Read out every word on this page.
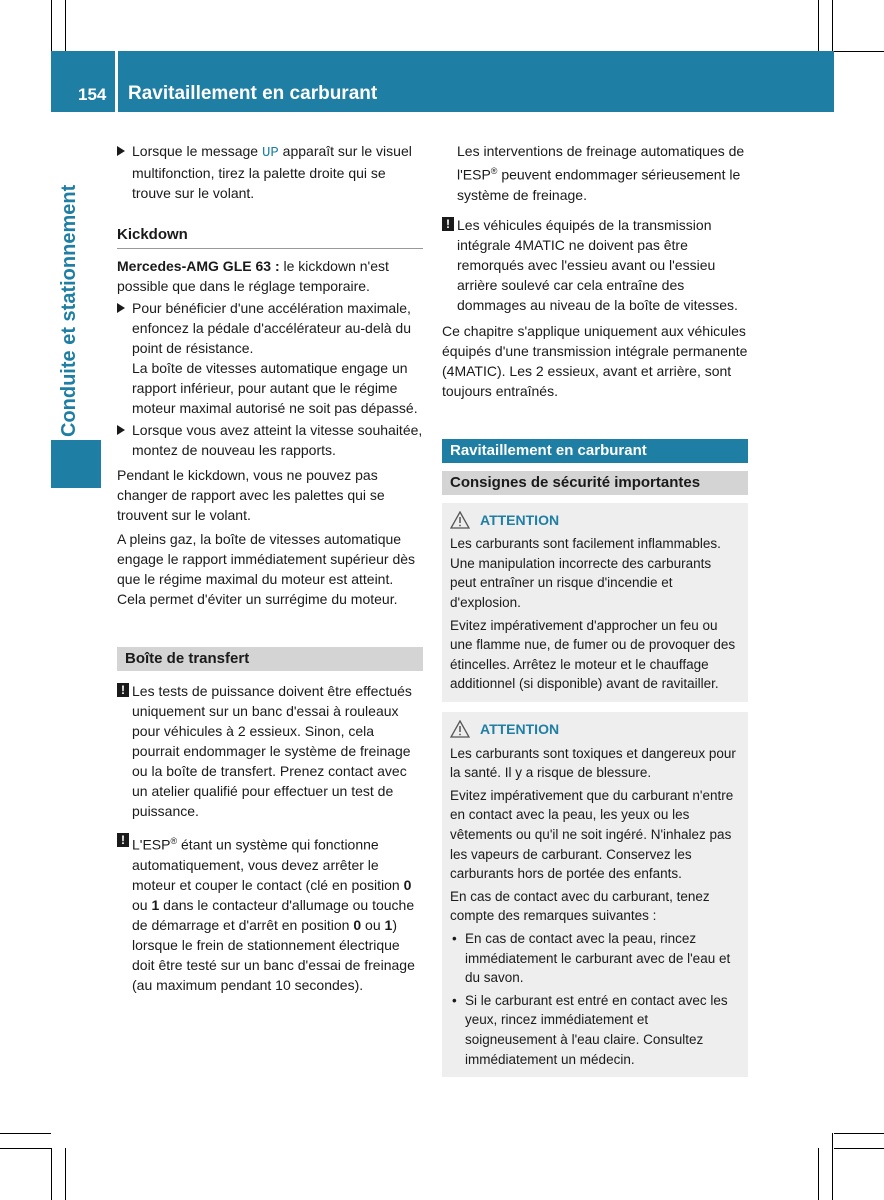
154 Ravitaillement en carburant
Conduite et stationnement

Lorsque le message UP apparaît sur le visuel multifonction, tirez la palette droite qui se trouve sur le volant.

Kickdown

Mercedes-AMG GLE 63 : le kickdown n'est possible que dans le réglage temporaire.

Pour bénéficier d'une accélération maximale, enfoncez la pédale d'accélérateur au-delà du point de résistance.
La boîte de vitesses automatique engage un rapport inférieur, pour autant que le régime moteur maximal autorisé ne soit pas dépassé.

Lorsque vous avez atteint la vitesse souhaitée, montez de nouveau les rapports.

Pendant le kickdown, vous ne pouvez pas changer de rapport avec les palettes qui se trouvent sur le volant.

A pleins gaz, la boîte de vitesses automatique engage le rapport immédiatement supérieur dès que le régime maximal du moteur est atteint. Cela permet d'éviter un surrégime du moteur.

Boîte de transfert

! Les tests de puissance doivent être effectués uniquement sur un banc d'essai à rouleaux pour véhicules à 2 essieux. Sinon, cela pourrait endommager le système de freinage ou la boîte de transfert. Prenez contact avec un atelier qualifié pour effectuer un test de puissance.

! L'ESP® étant un système qui fonctionne automatiquement, vous devez arrêter le moteur et couper le contact (clé en position 0 ou 1 dans le contacteur d'allumage ou touche de démarrage et d'arrêt en position 0 ou 1) lorsque le frein de stationnement électrique doit être testé sur un banc d'essai de freinage (au maximum pendant 10 secondes).

Les interventions de freinage automatiques de l'ESP® peuvent endommager sérieusement le système de freinage.

! Les véhicules équipés de la transmission intégrale 4MATIC ne doivent pas être remorqués avec l'essieu avant ou l'essieu arrière soulevé car cela entraîne des dommages au niveau de la boîte de vitesses.

Ce chapitre s'applique uniquement aux véhicules équipés d'une transmission intégrale permanente (4MATIC). Les 2 essieux, avant et arrière, sont toujours entraînés.

Ravitaillement en carburant
Consignes de sécurité importantes
ATTENTION

Les carburants sont facilement inflammables. Une manipulation incorrecte des carburants peut entraîner un risque d'incendie et d'explosion.

Evitez impérativement d'approcher un feu ou une flamme nue, de fumer ou de provoquer des étincelles. Arrêtez le moteur et le chauffage additionnel (si disponible) avant de ravitailler.

ATTENTION

Les carburants sont toxiques et dangereux pour la santé. Il y a risque de blessure.

Evitez impérativement que du carburant n'entre en contact avec la peau, les yeux ou les vêtements ou qu'il ne soit ingéré. N'inhalez pas les vapeurs de carburant. Conservez les carburants hors de portée des enfants.

En cas de contact avec du carburant, tenez compte des remarques suivantes :

• En cas de contact avec la peau, rincez immédiatement le carburant avec de l'eau et du savon.

• Si le carburant est entré en contact avec les yeux, rincez immédiatement et soigneusement à l'eau claire. Consultez immédiatement un médecin.
